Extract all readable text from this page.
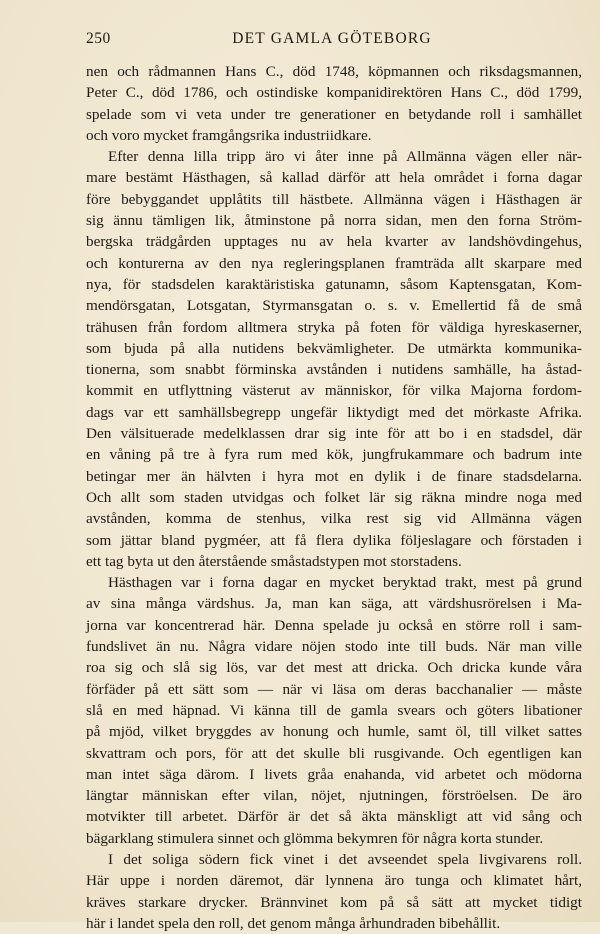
250	DET GAMLA GÖTEBORG
nen och rådmannen Hans C., död 1748, köpmannen och riksdagsmannen,
Peter C., död 1786, och ostindiske kompanidirektören Hans C., död 1799,
spelade som vi veta under tre generationer en betydande roll i samhället
och voro mycket framgångsrika industriidkare.
Efter denna lilla tripp äro vi åter inne på Allmänna vägen eller när-
mare bestämt Hästhagen, så kallad därför att hela området i forna dagar
före bebyggandet upplåtits till hästbete. Allmänna vägen i Hästhagen är
sig ännu tämligen lik, åtminstone på norra sidan, men den forna Ström-
bergska trädgården upptages nu av hela kvarter av landshövdingehus,
och konturerna av den nya regleringsplanen framträda allt skarpare med
nya, för stadsdelen karaktäristiska gatunamn, såsom Kaptensgatan, Kom-
mendörsgatan, Lotsgatan, Styrmansgatan o. s. v. Emellertid få de små
trähusen från fordom alltmera stryka på foten för väldiga hyreskaserner,
som bjuda på alla nutidens bekvämligheter. De utmärkta kommunika-
tionerna, som snabbt förminska avstånden i nutidens samhälle, ha åstad-
kommit en utflyttning västerut av människor, för vilka Majorna fordom-
dags var ett samhällsbegrepp ungefär liktydigt med det mörkaste Afrika.
Den välsituerade medelklassen drar sig inte för att bo i en stadsdel, där
en våning på tre à fyra rum med kök, jungfrukammare och badrum inte
betingar mer än hälvten i hyra mot en dylik i de finare stadsdelarna.
Och allt som staden utvidgas och folket lär sig räkna mindre noga med
avstånden, komma de stenhus, vilka rest sig vid Allmänna vägen
som jättar bland pygméer, att få flera dylika följeslagare och förstaden i
ett tag byta ut den återstående småstadstypen mot storstadens.
Hästhagen var i forna dagar en mycket beryktad trakt, mest på grund
av sina många värdshus. Ja, man kan säga, att värdshusrörelsen i Ma-
jorna var koncentrerad här. Denna spelade ju också en större roll i sam-
fundslivet än nu. Några vidare nöjen stodo inte till buds. När man ville
roa sig och slå sig lös, var det mest att dricka. Och dricka kunde våra
förfäder på ett sätt som — när vi läsa om deras bacchanalier — måste
slå en med häpnad. Vi känna till de gamla svears och göters libationer
på mjöd, vilket bryggdes av honung och humle, samt öl, till vilket sattes
skvattram och pors, för att det skulle bli rusgivande. Och egentligen kan
man intet säga därom. I livets gråa enahanda, vid arbetet och mödorna
längtar människan efter vilan, nöjet, njutningen, förströelsen. De äro
motvikter till arbetet. Därför är det så äkta mänskligt att vid sång och
bägarklang stimulera sinnet och glömma bekymren för några korta stunder.
I det soliga södern fick vinet i det avseendet spela livgivarens roll.
Här uppe i norden däremot, där lynnena äro tunga och klimatet hårt,
kräves starkare drycker. Brännvinet kom på så sätt att mycket tidigt
här i landet spela den roll, det genom många århundraden bibehållit.
